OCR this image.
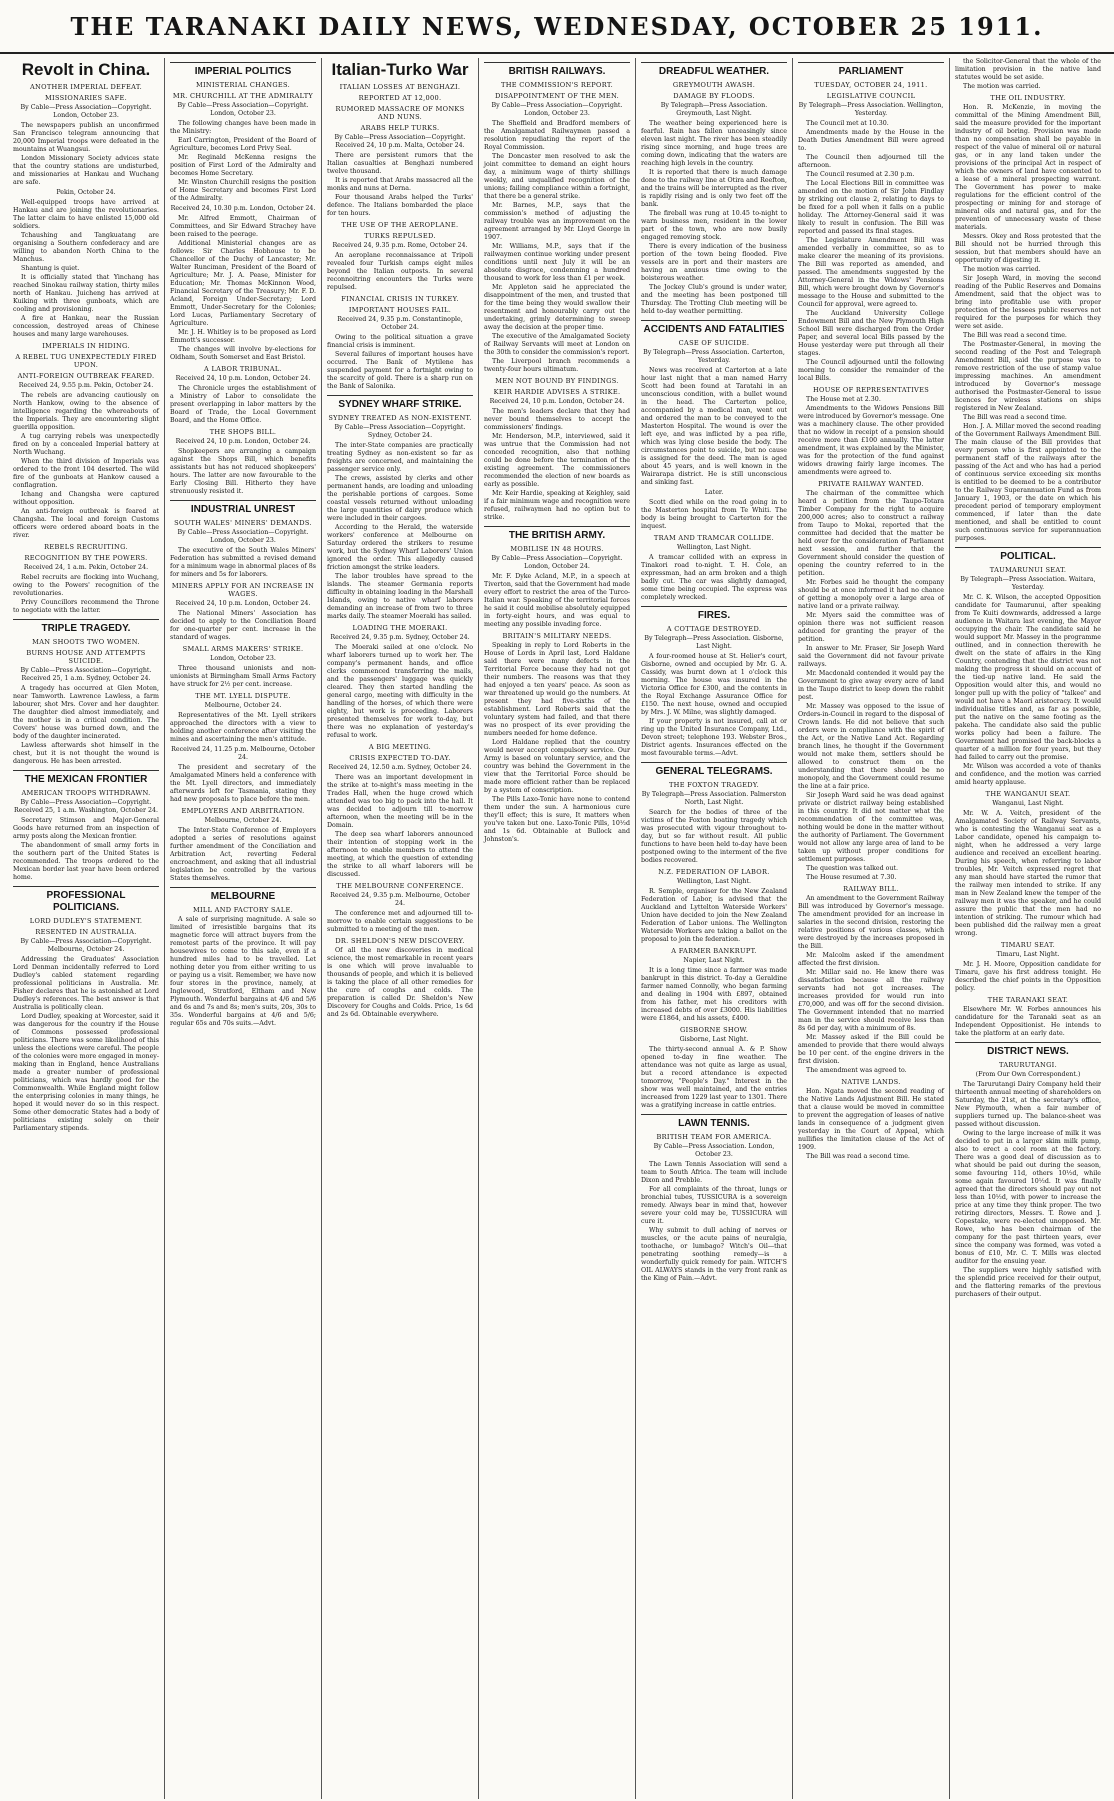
THE TARANAKI DAILY NEWS, WEDNESDAY, OCTOBER 25 1911.
Revolt in China.
ANOTHER IMPERIAL DEFEAT.
MISSIONARIES SAFE.
By Cable—Press Association—Copyright. London, October 23.
The newspapers publish an unconfirmed San Francisco telegram announcing that 20,000 Imperial troops were defeated in the mountains at Wuangsui.
London Missionary Society advices state that the country stations are undisturbed, and missionaries at Hankau and Wuchang are safe.
Pekin, October 24.
Well-equipped troops have arrived at Hankau and are joining the revolutionaries. The latter claim to have enlisted 15,000 old soldiers.
Tchaushing and Tangkuatang are organising a Southern confederacy and are willing to abandon North China to the Manchus.
Shantung is quiet.
It is officially stated that Yinchang has reached Sinokau railway station, thirty miles north of Hankau. Juicheng has arrived at Kuiking with three gunboats, which are cooling and provisioning.
A fire at Hankau, near the Russian concession, destroyed areas of Chinese houses and many large warehouses.
IMPERIALS IN HIDING.
A REBEL TUG UNEXPECTEDLY FIRED UPON.
ANTI-FOREIGN OUTBREAK FEARED.
Received 24, 9.55 p.m. Pekin, October 24.
The rebels are advancing cautiously on North Hankow, owing to the absence of intelligence regarding the whereabouts of the Imperials. They are encountering slight guerilla opposition.
A tug carrying rebels was unexpectedly fired on by a concealed Imperial battery at North Wuchang.
When the third division of Imperials was ordered to the front 104 deserted. The wild fire of the gunboats at Hankow caused a conflagration.
Ichang and Changsha were captured without opposition.
An anti-foreign outbreak is feared at Changsha. The local and foreign Customs officers were ordered aboard boats in the river.
REBELS RECRUITING.
RECOGNITION BY THE POWERS.
Received 24, 1 a.m. Pekin, October 24.
Rebel recruits are flocking into Wuchang, owing to the Powers' recognition of the revolutionaries.
Privy Councillors recommend the Throne to negotiate with the latter.
TRIPLE TRAGEDY.
MAN SHOOTS TWO WOMEN.
BURNS HOUSE AND ATTEMPTS SUICIDE.
By Cable—Press Association—Copyright. Received 25, 1 a.m. Sydney, October 24.
A tragedy has occurred at Glen Moten, near Tamworth. Lawrence Lawless, a farm labourer, shot Mrs. Cover and her daughter. The daughter died almost immediately, and the mother is in a critical condition. The Covers' house was burned down, and the body of the daughter incinerated.
Lawless afterwards shot himself in the chest, but it is not thought the wound is dangerous. He has been arrested.
THE MEXICAN FRONTIER
AMERICAN TROOPS WITHDRAWN.
By Cable—Press Association—Copyright. Received 25, 1 a.m. Washington, October 24.
Secretary Stimson and Major-General Goods have returned from an inspection of army posts along the Mexican frontier.
The abandonment of small army forts in the southern part of the United States is recommended. The troops ordered to the Mexican border last year have been ordered home.
PROFESSIONAL POLITICIANS.
LORD DUDLEY'S STATEMENT.
RESENTED IN AUSTRALIA.
By Cable—Press Association—Copyright. Melbourne, October 24.
Addressing the Graduates' Association Lord Denman incidentally referred to Lord Dudley's cabled statement regarding professional politicians in Australia. Mr. Fisher declares that he is astonished at Lord Dudley's references. The best answer is that Australia is politically clean.
Lord Dudley, speaking at Worcester, said it was dangerous for the country if the House of Commons possessed professional politicians. There was some likelihood of this unless the elections were careful. The people of the colonies were more engaged in money-making than in England, hence Australians made a greater number of professional politicians, which was hardly good for the Commonwealth. While England might follow the enterprising colonies in many things, he hoped it would never do so in this respect. Some other democratic States had a body of politicians existing solely on their Parliamentary stipends.
IMPERIAL POLITICS
MINISTERIAL CHANGES.
MR. CHURCHILL AT THE ADMIRALTY
By Cable—Press Association—Copyright. London, October 23.
The following changes have been made in the Ministry:
Earl Carrington, President of the Board of Agriculture, becomes Lord Privy Seal.
Mr. Reginald McKenna resigns the position of First Lord of the Admiralty and becomes Home Secretary.
Mr. Winston Churchill resigns the position of Home Secretary and becomes First Lord of the Admiralty.
Received 24, 10.30 p.m. London, October 24.
Mr. Alfred Emmott, Chairman of Committees, and Sir Edward Strachey have been raised to the peerage.
Additional Ministerial changes are as follows: Sir Charles Hobhouse to be Chancellor of the Duchy of Lancaster; Mr. Walter Runciman, President of the Board of Agriculture; Mr. J. A. Pease, Minister for Education; Mr. Thomas McKinnon Wood, Financial Secretary of the Treasury; Mr. F. D. Acland, Foreign Under-Secretary; Lord Emmott, Under-Secretary for the Colonies; Lord Lucas, Parliamentary Secretary of Agriculture.
Mr. J. H. Whitley is to be proposed as Lord Emmott's successor.
The changes will involve by-elections for Oldham, South Somerset and East Bristol.
A LABOR TRIBUNAL.
Received 24, 10 p.m. London, October 24.
The Chronicle urges the establishment of a Ministry of Labor to consolidate the present overlapping in labor matters by the Board of Trade, the Local Government Board, and the Home Office.
THE SHOPS BILL.
Received 24, 10 p.m. London, October 24.
Shopkeepers are arranging a campaign against the Shops Bill, which benefits assistants but has not reduced shopkeepers' hours. The latter are now favourable to the Early Closing Bill. Hitherto they have strenuously resisted it.
INDUSTRIAL UNREST
SOUTH WALES' MINERS' DEMANDS.
By Cable—Press Association—Copyright. London, October 23.
The executive of the South Wales Miners' Federation has submitted a revised demand for a minimum wage in abnormal places of 8s for miners and 5s for laborers.
MINERS APPLY FOR AN INCREASE IN WAGES.
Received 24, 10 p.m. London, October 24.
The National Miners' Association has decided to apply to the Conciliation Board for one-quarter per cent. increase in the standard of wages.
SMALL ARMS MAKERS' STRIKE.
London, October 23.
Three thousand unionists and non-unionists at Birmingham Small Arms Factory have struck for 2½ per cent. increase.
THE MT. LYELL DISPUTE.
Melbourne, October 24.
Representatives of the Mt. Lyell strikers approached the directors with a view to holding another conference after visiting the mines and ascertaining the men's attitude.
Received 24, 11.25 p.m. Melbourne, October 24.
The president and secretary of the Amalgamated Miners held a conference with the Mt. Lyell directors, and immediately afterwards left for Tasmania, stating they had new proposals to place before the men.
EMPLOYERS AND ARBITRATION.
Melbourne, October 24.
The Inter-State Conference of Employers adopted a series of resolutions against further amendment of the Conciliation and Arbitration Act, reverting Federal encroachment, and asking that all industrial legislation be controlled by the various States themselves.
MELBOURNE
MILL AND FACTORY SALE.
A sale of surprising magnitude. A sale so limited of irresistible bargains that its magnetic force will attract buyers from the remotest parts of the province. It will pay housewives to come to this sale, even if a hundred miles had to be travelled. Let nothing deter you from either writing to us or paying us a visit. Remember, we have now four stores in the province, namely, at Inglewood, Stratford, Eltham and New Plymouth. Wonderful bargains at 4/6 and 5/6 and 6s and 7s and 8s; men's suits, 20s, 30s to 35s. Wonderful bargains at 4/6 and 5/6; regular 65s and 70s suits.—Advt.
Italian-Turko War
ITALIAN LOSSES AT BENGHAZI.
REPORTED AT 12,000.
RUMORED MASSACRE OF MONKS AND NUNS.
ARABS HELP TURKS.
By Cable—Press Association—Copyright. Received 24, 10 p.m. Malta, October 24.
There are persistent rumors that the Italian casualties at Benghazi numbered twelve thousand.
It is reported that Arabs massacred all the monks and nuns at Derna.
Four thousand Arabs helped the Turks' defence. The Italians bombarded the place for ten hours.
THE USE OF THE AEROPLANE.
TURKS REPULSED.
Received 24, 9.35 p.m. Rome, October 24.
An aeroplane reconnaissance at Tripoli revealed four Turkish camps eight miles beyond the Italian outposts. In several reconnoitring encounters the Turks were repulsed.
FINANCIAL CRISIS IN TURKEY.
IMPORTANT HOUSES FAIL.
Received 24, 9.35 p.m. Constantinople, October 24.
Owing to the political situation a grave financial crisis is imminent.
Several failures of important houses have occurred. The Bank of Mytilene has suspended payment for a fortnight owing to the scarcity of gold. There is a sharp run on the Bank of Salonika.
SYDNEY WHARF STRIKE.
SYDNEY TREATED AS NON-EXISTENT.
By Cable—Press Association—Copyright. Sydney, October 24.
The inter-State companies are practically treating Sydney as non-existent so far as freights are concerned, and maintaining the passenger service only.
The crews, assisted by clerks and other permanent hands, are loading and unloading the perishable portions of cargoes. Some coastal vessels returned without unloading the large quantities of dairy produce which were included in their cargoes.
According to the Herald, the waterside workers' conference at Melbourne on Saturday ordered the strikers to resume work, but the Sydney Wharf Laborers' Union ignored the order. This allegedly caused friction amongst the strike leaders.
The labor troubles have spread to the islands. The steamer Germania reports difficulty in obtaining loading in the Marshall Islands, owing to native wharf laborers demanding an increase of from two to three marks daily. The steamer Moeraki has sailed.
LOADING THE MOERAKI.
Received 24, 9.35 p.m. Sydney, October 24.
The Moeraki sailed at one o'clock. No wharf laborers turned up to work her. The company's permanent hands, and office clerks commenced transferring the mails, and the passengers' luggage was quickly cleared. They then started handling the general cargo, meeting with difficulty in the handling of the horses, of which there were eighty, but work is proceeding. Laborers presented themselves for work to-day, but there was no explanation of yesterday's refusal to work.
A BIG MEETING.
CRISIS EXPECTED TO-DAY.
Received 24, 12.50 a.m. Sydney, October 24.
There was an important development in the strike at to-night's mass meeting in the Trades Hall, when the huge crowd which attended was too big to pack into the hall. It was decided to adjourn till to-morrow afternoon, when the meeting will be in the Domain.
The deep sea wharf laborers announced their intention of stopping work in the afternoon to enable members to attend the meeting, at which the question of extending the strike to all wharf laborers will be discussed.
THE MELBOURNE CONFERENCE.
Received 24, 9.35 p.m. Melbourne, October 24.
The conference met and adjourned till to-morrow to enable certain suggestions to be submitted to a meeting of the men.
DR. SHELDON'S NEW DISCOVERY.
Of all the new discoveries in medical science, the most remarkable in recent years is one which will prove invaluable to thousands of people, and which it is believed is taking the place of all other remedies for the cure of coughs and colds. The preparation is called Dr. Sheldon's New Discovery for Coughs and Colds. Price, 1s 6d and 2s 6d. Obtainable everywhere.
BRITISH RAILWAYS.
THE COMMISSION'S REPORT.
DISAPPOINTMENT OF THE MEN.
By Cable—Press Association—Copyright. London, October 23.
The Sheffield and Bradford members of the Amalgamated Railwaymen passed a resolution repudiating the report of the Royal Commission.
The Doncaster men resolved to ask the joint committee to demand an eight hours day, a minimum wage of thirty shillings weekly, and unqualified recognition of the unions; failing compliance within a fortnight, that there be a general strike.
Mr. Barnes, M.P., says that the commission's method of adjusting the railway trouble was an improvement on the agreement arranged by Mr. Lloyd George in 1907.
Mr. Williams, M.P., says that if the railwaymen continue working under present conditions until next July it will be an absolute disgrace, condemning a hundred thousand to work for less than £1 per week.
Mr. Appleton said he appreciated the disappointment of the men, and trusted that for the time being they would swallow their resentment and honourably carry out the undertaking, grimly determining to sweep away the decision at the proper time.
The executive of the Amalgamated Society of Railway Servants will meet at London on the 30th to consider the commission's report.
The Liverpool branch recommends a twenty-four hours ultimatum.
MEN NOT BOUND BY FINDINGS.
KEIR HARDIE ADVISES A STRIKE.
Received 24, 10 p.m. London, October 24.
The men's leaders declare that they had never bound themselves to accept the commissioners' findings.
Mr. Henderson, M.P., interviewed, said it was untrue that the Commission had not conceded recognition, also that nothing could be done before the termination of the existing agreement. The commissioners recommended the election of new boards as early as possible.
Mr. Keir Hardie, speaking at Keighley, said if a fair minimum wage and recognition were refused, railwaymen had no option but to strike.
THE BRITISH ARMY.
MOBILISE IN 48 HOURS.
By Cable—Press Association—Copyright. London, October 24.
Mr. F. Dyke Acland, M.P., in a speech at Tiverton, said that the Government had made every effort to restrict the area of the Turco-Italian war. Speaking of the territorial forces he said it could mobilise absolutely equipped in forty-eight hours, and was equal to meeting any possible invading force.
BRITAIN'S MILITARY NEEDS.
Speaking in reply to Lord Roberts in the House of Lords in April last, Lord Haldane said there were many defects in the Territorial Force because they had not got their numbers. The reasons was that they had enjoyed a ten years' peace. As soon as war threatened up would go the numbers. At present they had five-sixths of the establishment. Lord Roberts said that the voluntary system had failed, and that there was no prospect of its ever providing the numbers needed for home defence.
Lord Haldane replied that the country would never accept compulsory service. Our Army is based on voluntary service, and the country was behind the Government in the view that the Territorial Force should be made more efficient rather than be replaced by a system of conscription.
The Pills Laxo-Tonic have none to contend them under the sun. A harmonious cure they'll effect; this is sure, It matters when you've taken but one. Laxo-Tonic Pills, 10½d and 1s 6d. Obtainable at Bullock and Johnston's.
DREADFUL WEATHER.
GREYMOUTH AWASH.
DAMAGE BY FLOODS.
By Telegraph—Press Association. Greymouth, Last Night.
The weather being experienced here is fearful. Rain has fallen unceasingly since eleven last night. The river has been steadily rising since morning, and huge trees are coming down, indicating that the waters are reaching high levels in the country.
It is reported that there is much damage done to the railway line at Otira and Reefton, and the trains will be interrupted as the river is rapidly rising and is only two feet off the bank.
The fireball was rung at 10.45 to-night to warn business men, resident in the lower part of the town, who are now busily engaged removing stock.
There is every indication of the business portion of the town being flooded. Five vessels are in port and their masters are having an anxious time owing to the boisterous weather.
The Jockey Club's ground is under water, and the meeting has been postponed till Thursday. The Trotting Club meeting will be held to-day weather permitting.
ACCIDENTS AND FATALITIES
CASE OF SUICIDE.
By Telegraph—Press Association. Carterton, Yesterday.
News was received at Carterton at a late hour last night that a man named Harry Scott had been found at Taratahi in an unconscious condition, with a bullet wound in the head. The Carterton police, accompanied by a medical man, went out and ordered the man to be conveyed to the Masterton Hospital. The wound is over the left eye, and was inflicted by a pea rifle, which was lying close beside the body. The circumstances point to suicide, but no cause is assigned for the deed. The man is aged about 45 years, and is well known in the Wairarapa district. He is still unconscious and sinking fast.
Later.
Scott died while on the road going in to the Masterton hospital from Te Whiti. The body is being brought to Carterton for the inquest.
TRAM AND TRAMCAR COLLIDE.
Wellington, Last Night.
A tramcar collided with an express in Tinakori road to-night. T. H. Cole, an expressman, had an arm broken and a thigh badly cut. The car was slightly damaged, some time being occupied. The express was completely wrecked.
FIRES.
A COTTAGE DESTROYED.
By Telegraph—Press Association. Gisborne, Last Night.
A four-roomed house at St. Helier's court, Gisborne, owned and occupied by Mr. G. A. Cassidy, was burnt down at 1 o'clock this morning. The house was insured in the Victoria Office for £300, and the contents in the Royal Exchange Assurance Office for £150. The next house, owned and occupied by Mrs. J. W. Milne, was slightly damaged.
If your property is not insured, call at or ring up the United Insurance Company, Ltd., Devon street; telephone 193. Webster Bros., District agents. Insurances effected on the most favourable terms.—Advt.
GENERAL TELEGRAMS.
THE FOXTON TRAGEDY.
By Telegraph—Press Association. Palmerston North, Last Night.
Search for the bodies of three of the victims of the Foxton boating tragedy which was prosecuted with vigour throughout to-day, but so far without result. All public functions to have been held to-day have been postponed owing to the interment of the five bodies recovered.
N.Z. FEDERATION OF LABOR.
Wellington, Last Night.
R. Semple, organiser for the New Zealand Federation of Labor, is advised that the Auckland and Lyttelton Waterside Workers' Union have decided to join the New Zealand Federation of Labor unions. The Wellington Waterside Workers are taking a ballot on the proposal to join the federation.
A FARMER BANKRUPT.
Napier, Last Night.
It is a long time since a farmer was made bankrupt in this district. To-day a Geraldine farmer named Connolly, who began farming and dealing in 1904 with £897, obtained from his father, met his creditors with increased debts of over £3000. His liabilities were £1864, and his assets, £400.
GISBORNE SHOW.
Gisborne, Last Night.
The thirty-second annual A. & P. Show opened to-day in fine weather. The attendance was not quite as large as usual, but a record attendance is expected tomorrow, "People's Day." Interest in the show was well maintained, and the entries increased from 1229 last year to 1301. There was a gratifying increase in cattle entries.
LAWN TENNIS.
BRITISH TEAM FOR AMERICA.
By Cable—Press Association. London, October 23.
The Lawn Tennis Association will send a team to South Africa. The team will include Dixon and Prebble.
For all complaints of the throat, lungs or bronchial tubes, TUSSICURA is a sovereign remedy. Always bear in mind that, however severe your cold may be, TUSSICURA will cure it.
Why submit to dull aching of nerves or muscles, or the acute pains of neuralgia, toothache, or lumbago? Witch's Oil—that penetrating soothing remedy—is a wonderfully quick remedy for pain. WITCH'S OIL ALWAYS stands in the very front rank as the King of Pain.—Advt.
PARLIAMENT
TUESDAY, OCTOBER 24, 1911.
LEGISLATIVE COUNCIL
By Telegraph—Press Association. Wellington, Yesterday.
The Council met at 10.30.
Amendments made by the House in the Death Duties Amendment Bill were agreed to.
The Council then adjourned till the afternoon.
The Council resumed at 2.30 p.m.
The Local Elections Bill in committee was amended on the motion of Sir John Findlay by striking out clause 2, relating to days to be fixed for a poll when it falls on a public holiday. The Attorney-General said it was likely to result in confusion. The Bill was reported and passed its final stages.
The Legislature Amendment Bill was amended verbally in committee, so as to make clearer the meaning of its provisions. The Bill was reported as amended, and passed. The amendments suggested by the Attorney-General in the Widows' Pensions Bill, which were brought down by Governor's message to the House and submitted to the Council for approval, were agreed to.
The Auckland University College Endowment Bill and the New Plymouth High School Bill were discharged from the Order Paper, and several local Bills passed by the House yesterday were put through all their stages.
The Council adjourned until the following morning to consider the remainder of the local Bills.
HOUSE OF REPRESENTATIVES
The House met at 2.30.
Amendments to the Widows Pensions Bill were introduced by Governor's message. One was a machinery clause. The other provided that no widow in receipt of a pension should receive more than £100 annually. The latter amendment, it was explained by the Minister, was for the protection of the fund against widows drawing fairly large incomes. The amendments were agreed to.
PRIVATE RAILWAY WANTED.
The chairman of the committee which heard a petition from the Taupo-Totara Timber Company for the right to acquire 200,000 acres; also to construct a railway from Taupo to Mokai, reported that the committee had decided that the matter be held over for the consideration of Parliament next session, and further that the Government should consider the question of opening the country referred to in the petition.
Mr. Forbes said he thought the company should be at once informed it had no chance of getting a monopoly over a large area of native land or a private railway.
Mr. Myers said the committee was of opinion there was not sufficient reason adduced for granting the prayer of the petition.
In answer to Mr. Fraser, Sir Joseph Ward said the Government did not favour private railways.
Mr. Macdonald contended it would pay the Government to give away every acre of land in the Taupo district to keep down the rabbit pest.
Mr. Massey was opposed to the issue of Orders-in-Council in regard to the disposal of Crown lands. He did not believe that such orders were in compliance with the spirit of the Act, or the Native Land Act. Regarding branch lines, he thought if the Government would not make them, settlers should be allowed to construct them on the understanding that there should be no monopoly, and the Government could resume the line at a fair price.
Sir Joseph Ward said he was dead against private or district railway being established in this country. It did not matter what the recommendation of the committee was, nothing would be done in the matter without the authority of Parliament. The Government would not allow any large area of land to be taken up without proper conditions for settlement purposes.
The question was talked out.
The House resumed at 7.30.
RAILWAY BILL.
An amendment to the Government Railway Bill was introduced by Governor's message. The amendment provided for an increase in salaries in the second division, restoring the relative positions of various classes, which were destroyed by the increases proposed in the Bill.
Mr. Malcolm asked if the amendment affected the first division.
Mr. Millar said no. He knew there was dissatisfaction because all the railway servants had not got increases. The increases provided for would run into £70,000, and was off for the second division. The Government intended that no married man in the service should receive less than 8s 6d per day, with a minimum of 8s.
Mr. Massey asked if the Bill could be amended to provide that there would always be 10 per cent. of the engine drivers in the first division.
The amendment was agreed to.
NATIVE LANDS.
Hon. Ngata moved the second reading of the Native Lands Adjustment Bill. He stated that a clause would be moved in committee to prevent the aggregation of leases of native lands in consequence of a judgment given yesterday in the Court of Appeal, which nullifies the limitation clause of the Act of 1909.
The Bill was read a second time.
the Solicitor-General that the whole of the limitation provision in the native land statutes would be set aside.
The motion was carried.
THE OIL INDUSTRY.
Hon. R. McKenzie, in moving the committal of the Mining Amendment Bill, said the measure provided for the important industry of oil boring. Provision was made than no compensation shall be payable in respect of the value of mineral oil or natural gas, or in any land taken under the provisions of the principal Act in respect of which the owners of land have consented to a lease of a mineral prospecting warrant. The Government has power to make regulations for the efficient control of the prospecting or mining for and storage of mineral oils and natural gas, and for the prevention of unnecessary waste of these materials.
Messrs. Okey and Ross protested that the Bill should not be hurried through this session, but that members should have an opportunity of digesting it.
The motion was carried.
Sir Joseph Ward, in moving the second reading of the Public Reserves and Domains Amendment, said that the object was to bring into profitable use with proper protection of the lessees public reserves not required for the purposes for which they were set aside.
The Bill was read a second time.
The Postmaster-General, in moving the second reading of the Post and Telegraph Amendment Bill, said the purpose was to remove restriction of the use of stamp value impressing machines. An amendment introduced by Governor's message authorised the Postmaster-General to issue licences for wireless stations on ships registered in New Zealand.
The Bill was read a second time.
Hon. J. A. Millar moved the second reading of the Government Railways Amendment Bill. The main clause of the Bill provides that every person who is first appointed to the permanent staff of the railways after the passing of the Act and who has had a period of continuous service exceeding six months is entitled to be deemed to be a contributor to the Railway Superannuation Fund as from January 1, 1903, or the date on which his precedent period of temporary employment commenced, if later than the date mentioned, and shall be entitled to count such continuous service for superannuation purposes.
POLITICAL.
TAUMARUNUI SEAT.
By Telegraph—Press Association. Waitara, Yesterday.
Mr. C. K. Wilson, the accepted Opposition candidate for Taumarunui, after speaking from Te Kuiti downwards, addressed a large audience in Waitara last evening, the Mayor occupying the chair. The candidate said he would support Mr. Massey in the programme outlined, and in connection therewith he dwelt on the state of affairs in the King Country, contending that the district was not making the progress it should on account of the tied-up native land. He said the Opposition would alter this, and would no longer pull up with the policy of "talkee" and would not have a Maori aristocracy. It would individualise titles and, as far as possible, put the native on the same footing as the pakeha. The candidate also said the public works policy had been a failure. The Government had promised the back-blocks a quarter of a million for four years, but they had failed to carry out the promise.
Mr. Wilson was accorded a vote of thanks and confidence, and the motion was carried amid hearty applause.
THE WANGANUI SEAT.
Wanganui, Last Night.
Mr. W. A. Veitch, president of the Amalgamated Society of Railway Servants, who is contesting the Wanganui seat as a Labor candidate, opened his campaign to-night, when he addressed a very large audience and received an excellent hearing. During his speech, when referring to labor troubles, Mr. Veitch expressed regret that any man should have started the rumor that the railway men intended to strike. If any man in New Zealand knew the temper of the railway men it was the speaker, and he could assure the public that the men had no intention of striking. The rumour which had been published did the railway men a great wrong.
TIMARU SEAT.
Timaru, Last Night.
Mr. J. H. Moore, Opposition candidate for Timaru, gave his first address tonight. He described the chief points in the Opposition policy.
THE TARANAKI SEAT.
Elsewhere Mr. W. Forbes announces his candidature for the Taranaki seat as an Independent Oppositionist. He intends to take the platform at an early date.
DISTRICT NEWS.
TARURUTANGI.
(From Our Own Correspondent.)
The Tarurutangi Dairy Company held their thirteenth annual meeting of shareholders on Saturday, the 21st, at the secretary's office, New Plymouth, when a fair number of suppliers turned up. The balance-sheet was passed without discussion.
Owing to the large increase of milk it was decided to put in a larger skim milk pump, also to erect a cool room at the factory. There was a good deal of discussion as to what should be paid out during the season, some favouring 11d, others 10½d, while some again favoured 10½d. It was finally agreed that the directors should pay out not less than 10½d, with power to increase the price at any time they think proper. The two retiring directors, Messrs. T. Rowe and J. Copestake, were re-elected unopposed. Mr. Rowe, who has been chairman of the company for the past thirteen years, ever since the company was formed, was voted a bonus of £10, Mr. C. T. Mills was elected auditor for the ensuing year.
The suppliers were highly satisfied with the splendid price received for their output, and the flattering remarks of the previous purchasers of their output.
